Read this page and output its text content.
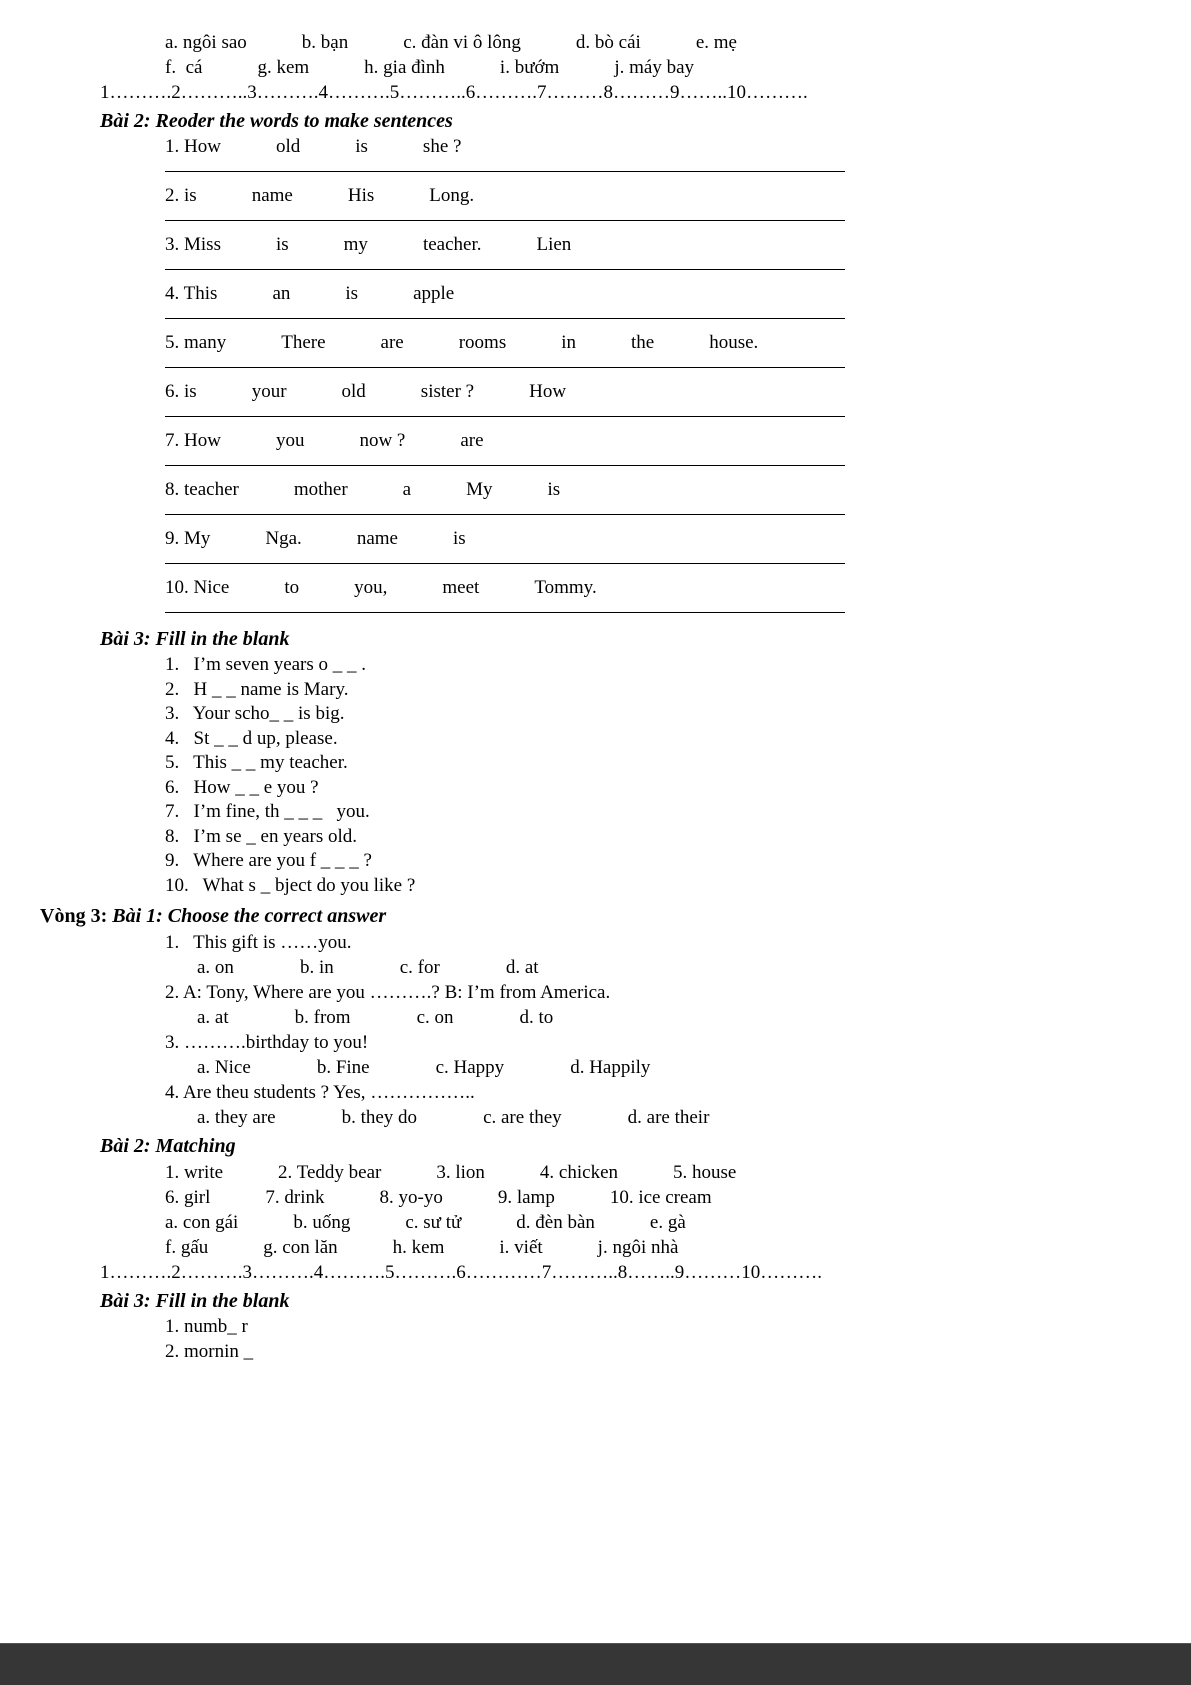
a. ngôi sao	b. bạn	c. đàn vi ô lông	d. bò cái	e. mẹ
f.  cá	g. kem	h. gia đình	i. bướm	j. máy bay
1……….2………..3……….4……….5………..6……….7………8………9……..10……….
Bài 2: Reoder the words to make sentences
1. How	old	is	she ?
2. is	name	His	Long.
3. Miss	is	my	teacher.	Lien
4. This	an	is	apple
5. many	There	are	rooms	in	the	house.
6. is	your	old	sister ?	How
7. How	you	now ?	are
8. teacher	mother	a	My	is
9. My	Nga.	name	is
10. Nice	to	you,	meet	Tommy.
Bài 3: Fill in the blank
1.   I’m seven years o _ _ .
2.   H _ _ name is Mary.
3.   Your scho_ _ is big.
4.   St _ _ d up, please.
5.   This _ _ my teacher.
6.   How _ _ e you ?
7.   I’m fine, th _ _ _   you.
8.   I’m se _ en years old.
9.   Where are you f _ _ _ ?
10.   What s _ bject do you like ?
Vòng 3: Bài 1: Choose the correct answer
1.   This gift is ……you.
a. on	b. in	c. for	d. at
2. A: Tony, Where are you ……….? B: I’m from America.
a. at	b. from	c. on	d. to
3. ……….birthday to you!
a. Nice	b. Fine	c. Happy	d. Happily
4. Are theu students ? Yes, ……………..
a. they are	b. they do	c. are they	d. are their
Bài 2: Matching
1. write	2. Teddy bear	3. lion	4. chicken	5. house
6. girl	7. drink	8. yo-yo	9. lamp	10. ice cream
a. con gái	b. uống	c. sư tử	d. đèn bàn	e. gà
f. gấu	g. con lăn	h. kem	i. viết	j. ngôi nhà
1……….2……….3……….4……….5……….6…………7………..8……..9………10……….
Bài 3: Fill in the blank
1. numb_ r
2. mornin _
